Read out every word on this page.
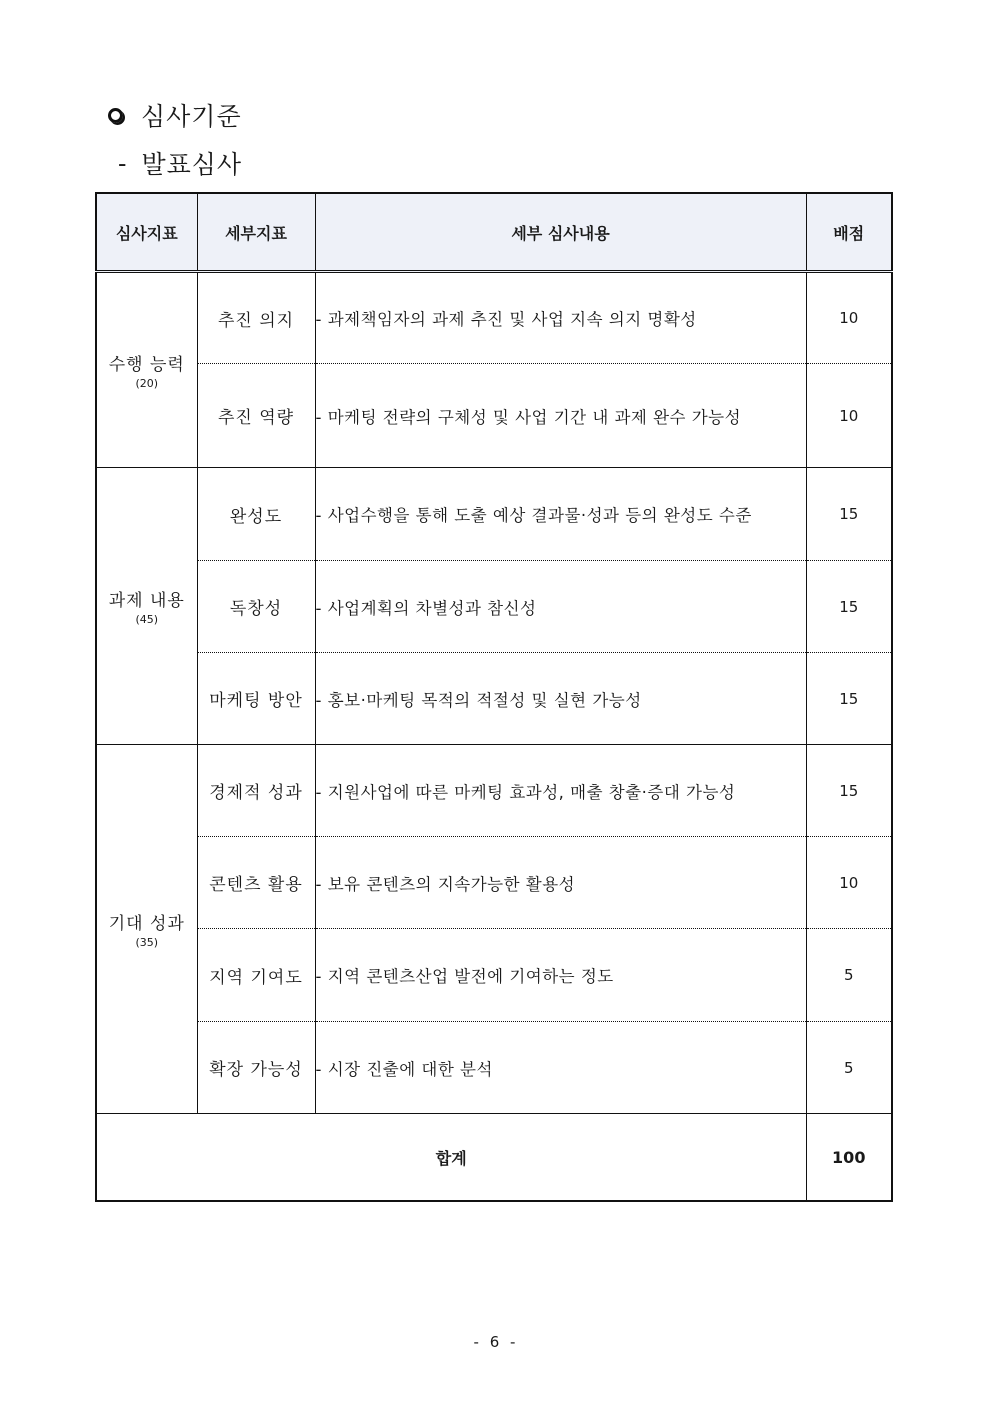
심사기준
- 발표심사
심사지표	세부지표	세부 심사내용	배점

수행 능력
(20)	추진 의지	- 과제책임자의 과제 추진 및 사업 지속 의지 명확성	10
	추진 역량	- 마케팅 전략의 구체성 및 사업 기간 내 과제 완수 가능성	10

과제 내용
(45)	완성도	- 사업수행을 통해 도출 예상 결과물·성과 등의 완성도 수준	15
	독창성	- 사업계획의 차별성과 참신성	15
	마케팅 방안	- 홍보·마케팅 목적의 적절성 및 실현 가능성	15

기대 성과
(35)	경제적 성과	- 지원사업에 따른 마케팅 효과성, 매출 창출·증대 가능성	15
	콘텐츠 활용	- 보유 콘텐츠의 지속가능한 활용성	10
	지역 기여도	- 지역 콘텐츠산업 발전에 기여하는 정도	5
	확장 가능성	- 시장 진출에 대한 분석	5
합계			100
- 6 -
